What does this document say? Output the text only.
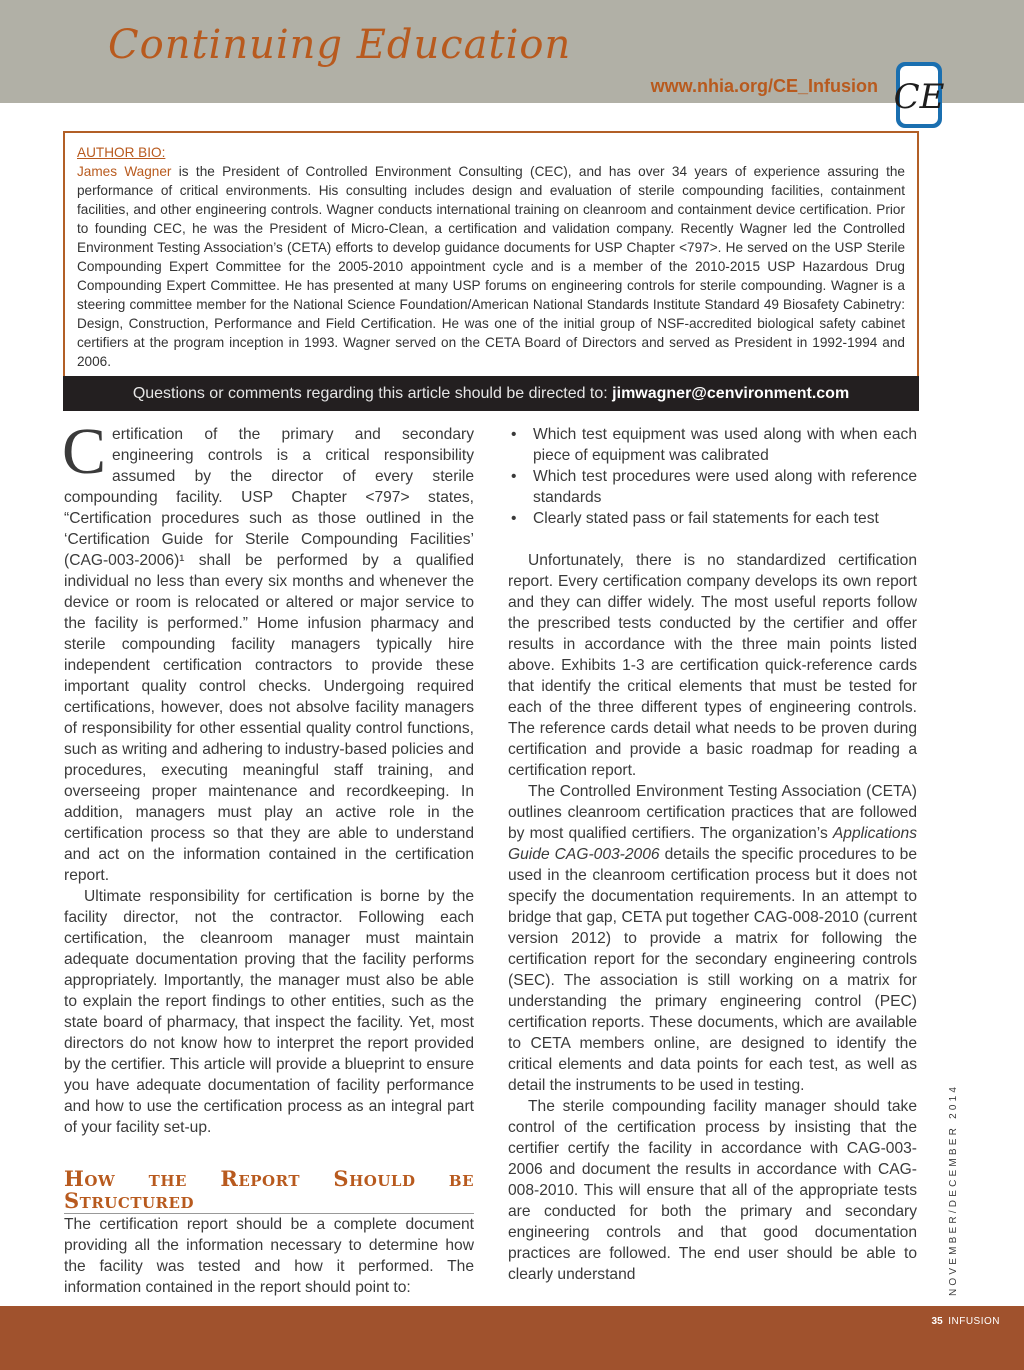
Continuing Education
www.nhia.org/CE_Infusion CE
AUTHOR BIO:
James Wagner is the President of Controlled Environment Consulting (CEC), and has over 34 years of experience assuring the performance of critical environments. His consulting includes design and evaluation of sterile compounding facilities, containment facilities, and other engineering controls. Wagner conducts international training on cleanroom and containment device certification. Prior to founding CEC, he was the President of Micro-Clean, a certification and validation company. Recently Wagner led the Controlled Environment Testing Association’s (CETA) efforts to develop guidance documents for USP Chapter <797>. He served on the USP Sterile Compounding Expert Committee for the 2005-2010 appointment cycle and is a member of the 2010-2015 USP Hazardous Drug Compounding Expert Committee. He has presented at many USP forums on engineering controls for sterile compounding. Wagner is a steering committee member for the National Science Foundation/American National Standards Institute Standard 49 Biosafety Cabinetry: Design, Construction, Performance and Field Certification. He was one of the initial group of NSF-accredited biological safety cabinet certifiers at the program inception in 1993. Wagner served on the CETA Board of Directors and served as President in 1992-1994 and 2006.
Questions or comments regarding this article should be directed to: jimwagner@cenvironment.com

Certification of the primary and secondary engineering controls is a critical responsibility assumed by the director of every sterile compounding facility. USP Chapter <797> states, “Certification procedures such as those outlined in the ‘Certification Guide for Sterile Compounding Facilities’ (CAG-003-2006)¹ shall be performed by a qualified individual no less than every six months and whenever the device or room is relocated or altered or major service to the facility is performed.” Home infusion pharmacy and sterile compounding facility managers typically hire independent certification contractors to provide these important quality control checks. Undergoing required certifications, however, does not absolve facility managers of responsibility for other essential quality control functions, such as writing and adhering to industry-based policies and procedures, executing meaningful staff training, and overseeing proper maintenance and recordkeeping. In addition, managers must play an active role in the certification process so that they are able to understand and act on the information contained in the certification report.

Ultimate responsibility for certification is borne by the facility director, not the contractor. Following each certification, the cleanroom manager must maintain adequate documentation proving that the facility performs appropriately. Importantly, the manager must also be able to explain the report findings to other entities, such as the state board of pharmacy, that inspect the facility. Yet, most directors do not know how to interpret the report provided by the certifier. This article will provide a blueprint to ensure you have adequate documentation of facility performance and how to use the certification process as an integral part of your facility set-up.

How the Report Should be Structured

The certification report should be a complete document providing all the information necessary to determine how the facility was tested and how it performed. The information contained in the report should point to:

• Which test equipment was used along with when each piece of equipment was calibrated
• Which test procedures were used along with reference standards
• Clearly stated pass or fail statements for each test

Unfortunately, there is no standardized certification report. Every certification company develops its own report and they can differ widely. The most useful reports follow the prescribed tests conducted by the certifier and offer results in accordance with the three main points listed above. Exhibits 1-3 are certification quick-reference cards that identify the critical elements that must be tested for each of the three different types of engineering controls. The reference cards detail what needs to be proven during certification and provide a basic roadmap for reading a certification report.

The Controlled Environment Testing Association (CETA) outlines cleanroom certification practices that are followed by most qualified certifiers. The organization’s Applications Guide CAG-003-2006 details the specific procedures to be used in the cleanroom certification process but it does not specify the documentation requirements. In an attempt to bridge that gap, CETA put together CAG-008-2010 (current version 2012) to provide a matrix for following the certification report for the secondary engineering controls (SEC). The association is still working on a matrix for understanding the primary engineering control (PEC) certification reports. These documents, which are available to CETA members online, are designed to identify the critical elements and data points for each test, as well as detail the instruments to be used in testing.

The sterile compounding facility manager should take control of the certification process by insisting that the certifier certify the facility in accordance with CAG-003-2006 and document the results in accordance with CAG-008-2010. This will ensure that all of the appropriate tests are conducted for both the primary and secondary engineering controls and that good documentation practices are followed. The end user should be able to clearly understand	NOVEMBER/DECEMBER 2014
35 INFUSION
